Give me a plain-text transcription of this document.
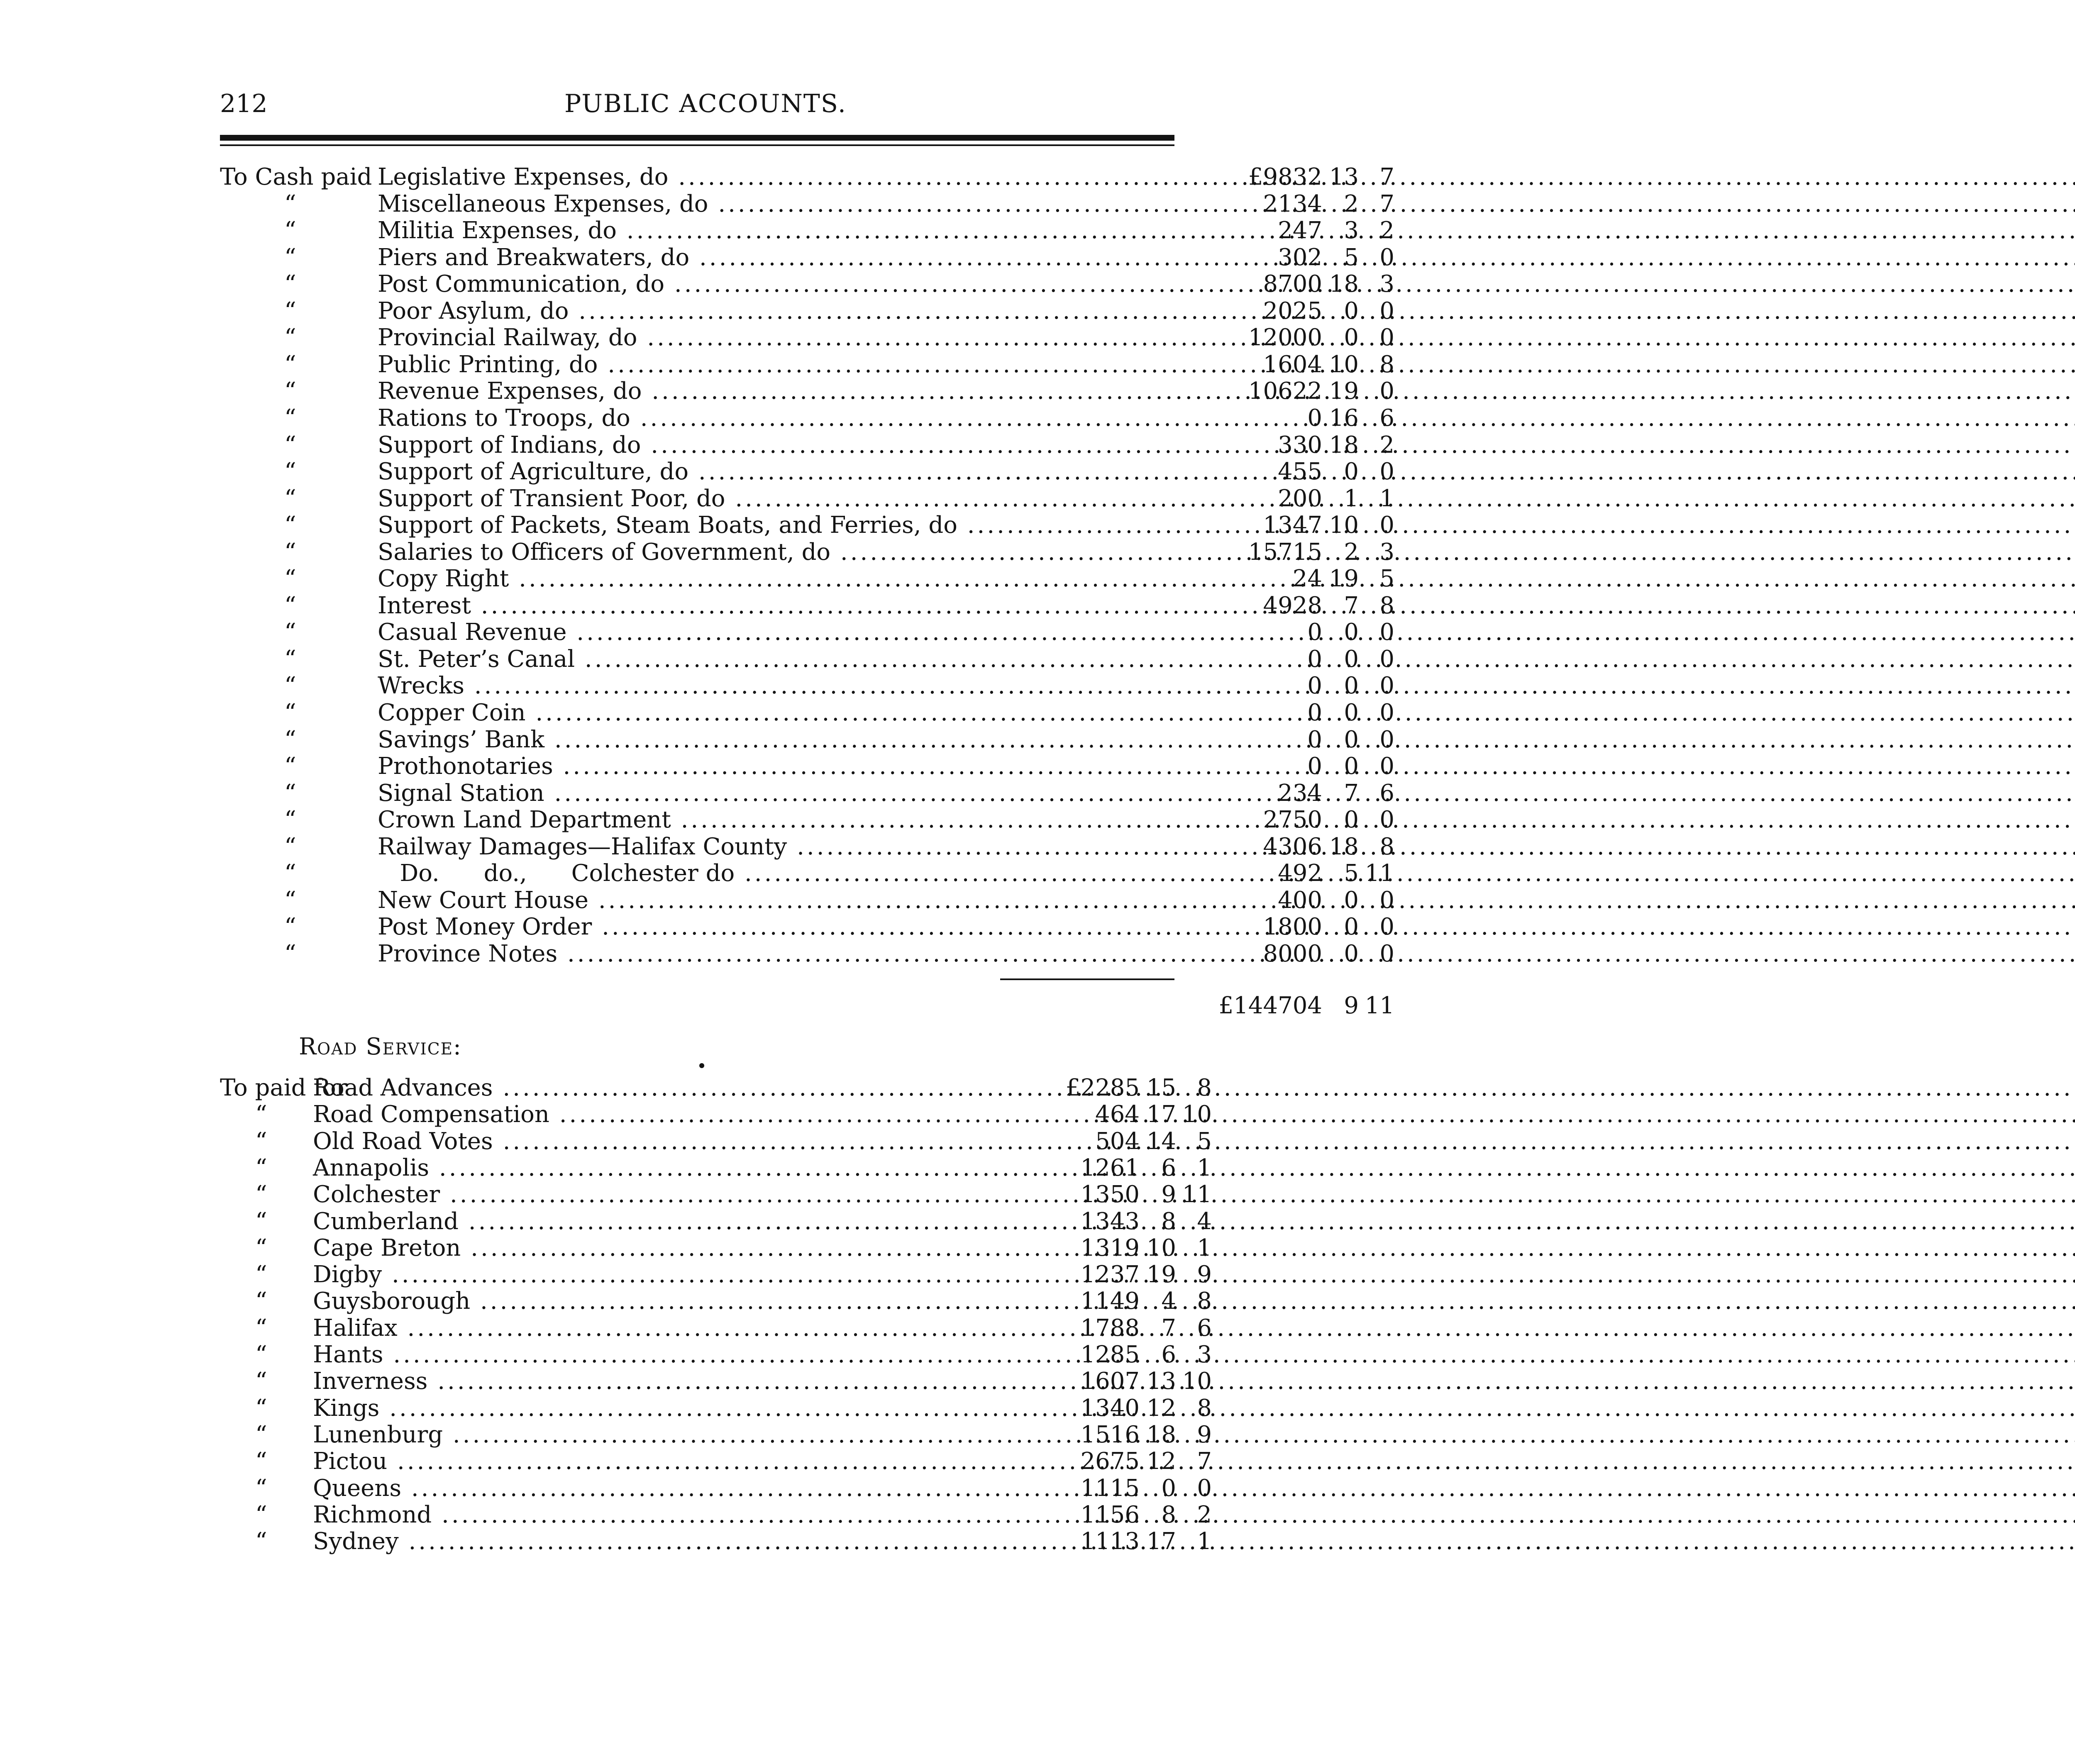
212	PUBLIC ACCOUNTS.
To Cash paid Legislative Expenses, do .....	£9832 13 7
“	Miscellaneous Expenses, do .....	2134 2 7
“	Militia Expenses, do .....	247 3 2
“	Piers and Breakwaters, do .....	302 5 0
“	Post Communication, do .....	8700 18 3
“	Poor Asylum, do .....	2025 0 0
“	Provincial Railway, do .....	12000 0 0
“	Public Printing, do .....	1604 10 8
“	Revenue Expenses, do .....	10622 19 0
“	Rations to Troops, do .....	0 16 6
“	Support of Indians, do .....	330 18 2
“	Support of Agriculture, do .....	455 0 0
“	Support of Transient Poor, do .....	200 1 1
“	Support of Packets, Steam Boats, and Ferries, do .....	1347 10 0
“	Salaries to Officers of Government, do .....	15715 2 3
“	Copy Right .....	24 19 5
“	Interest .....	4928 7 8
“	Casual Revenue .....	0 0 0
“	St. Peter’s Canal .....	0 0 0
“	Wrecks .....	0 0 0
“	Copper Coin .....	0 0 0
“	Savings’ Bank .....	0 0 0
“	Prothonotaries .....	0 0 0
“	Signal Station .....	234 7 6
“	Crown Land Department .....	2750 0 0
“	Railway Damages—Halifax County .....	4306 18 8
“	Do.      do.,      Colchester do .....	492 5 11
“	New Court House .....	400 0 0
“	Post Money Order .....	1800 0 0
“	Province Notes .....	8000 0 0
£144704 9 11
Road Service:
To paid for
Road Advances .....	£2285 15 8
“ Road Compensation .....	464 17 10
“ Old Road Votes .....	504 14 5
“ Annapolis .....	1261 6 1
“ Colchester .....	1350 9 11
“ Cumberland .....	1343 8 4
“ Cape Breton .....	1319 10 1
“ Digby .....	1237 19 9
“ Guysborough .....	1149 4 8
“ Halifax .....	1788 7 6
“ Hants .....	1285 6 3
“ Inverness .....	1607 13 10
“ Kings .....	1340 12 8
“ Lunenburg .....	1516 18 9
“ Pictou .....	2675 12 7
“ Queens .....	1115 0 0
“ Richmond .....	1156 8 2
“ Sydney .....	1113 17 1
